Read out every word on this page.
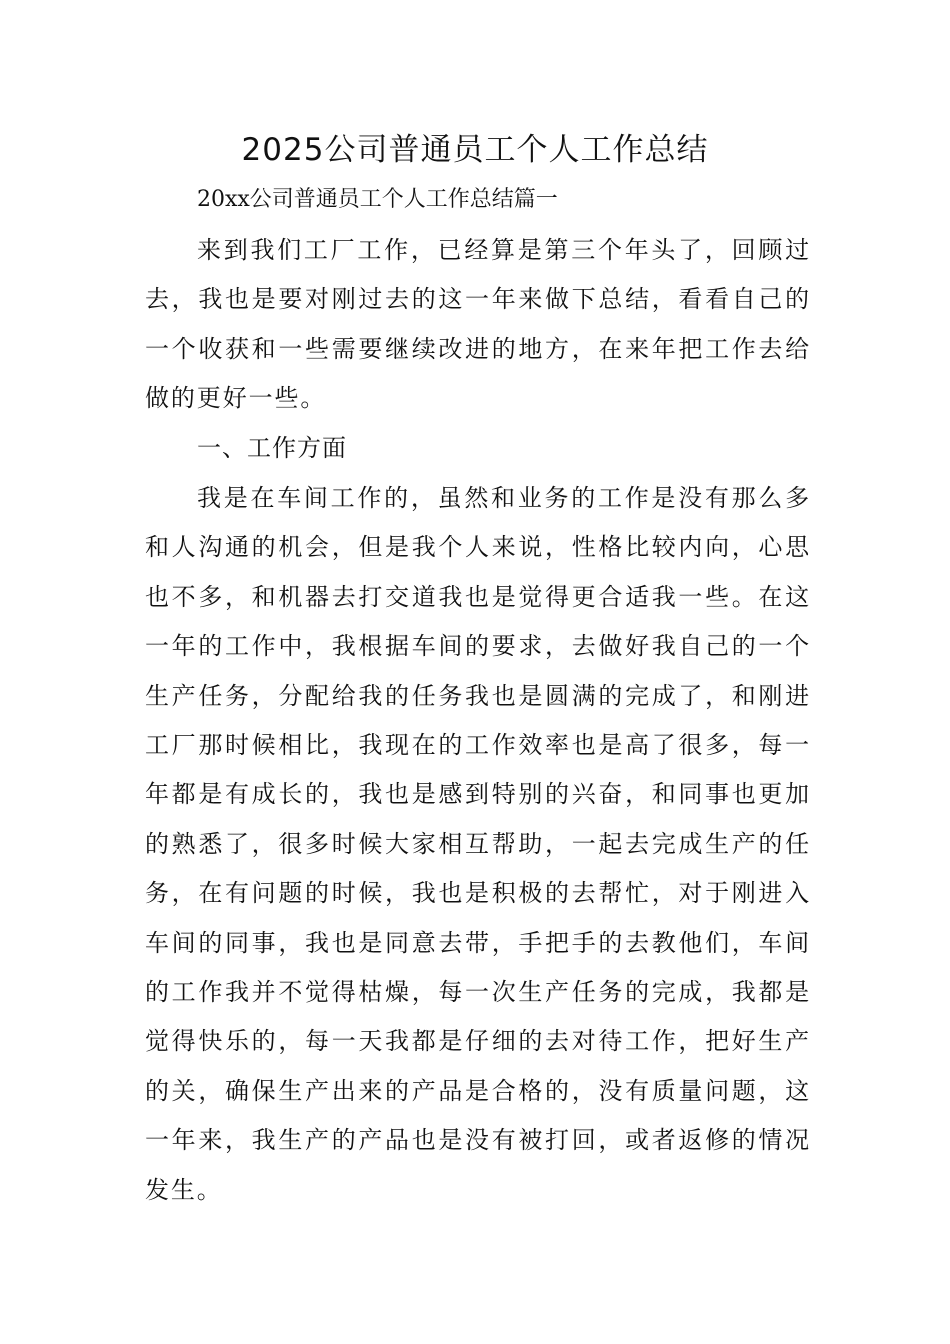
2025公司普通员工个人工作总结

20xx公司普通员工个人工作总结篇一

来到我们工厂工作，已经算是第三个年头了，回顾过去，我也是要对刚过去的这一年来做下总结，看看自己的一个收获和一些需要继续改进的地方，在来年把工作去给做的更好一些。

一、工作方面

我是在车间工作的，虽然和业务的工作是没有那么多和人沟通的机会，但是我个人来说，性格比较内向，心思也不多，和机器去打交道我也是觉得更合适我一些。在这一年的工作中，我根据车间的要求，去做好我自己的一个生产任务，分配给我的任务我也是圆满的完成了，和刚进工厂那时候相比，我现在的工作效率也是高了很多，每一年都是有成长的，我也是感到特别的兴奋，和同事也更加的熟悉了，很多时候大家相互帮助，一起去完成生产的任务，在有问题的时候，我也是积极的去帮忙，对于刚进入车间的同事，我也是同意去带，手把手的去教他们，车间的工作我并不觉得枯燥，每一次生产任务的完成，我都是觉得快乐的，每一天我都是仔细的去对待工作，把好生产的关，确保生产出来的产品是合格的，没有质量问题，这一年来，我生产的产品也是没有被打回，或者返修的情况发生。
